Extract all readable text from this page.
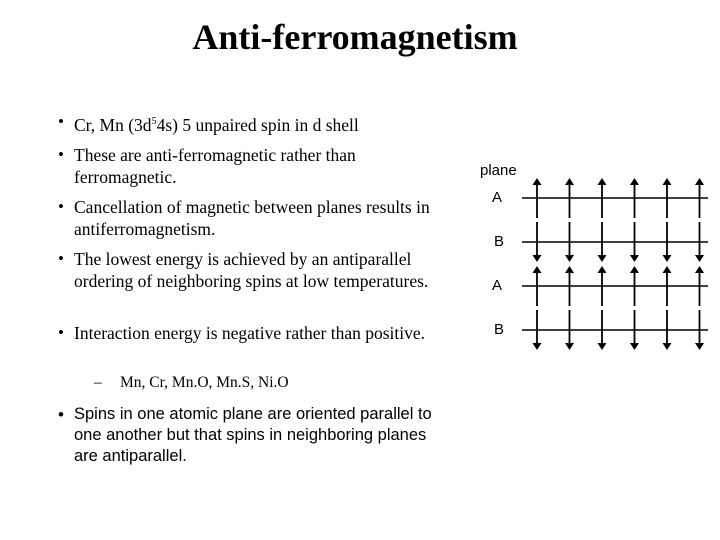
Anti-ferromagnetism
• Cr, Mn $(3d^54s)$ 5 unpaired spin in d shell
• These are anti-ferromagnetic rather than ferromagnetic.
• Cancellation of magnetic between planes results in antiferromagnetism.
• The lowest energy is achieved by an antiparallel ordering of neighboring spins at low temperatures.
• Interaction energy is negative rather than positive.
– Mn, Cr, Mn.O, Mn.S, Ni.O
• Spins in one atomic plane are oriented parallel to one another but that spins in neighboring planes are antiparallel.
plane
A
B
A
B
